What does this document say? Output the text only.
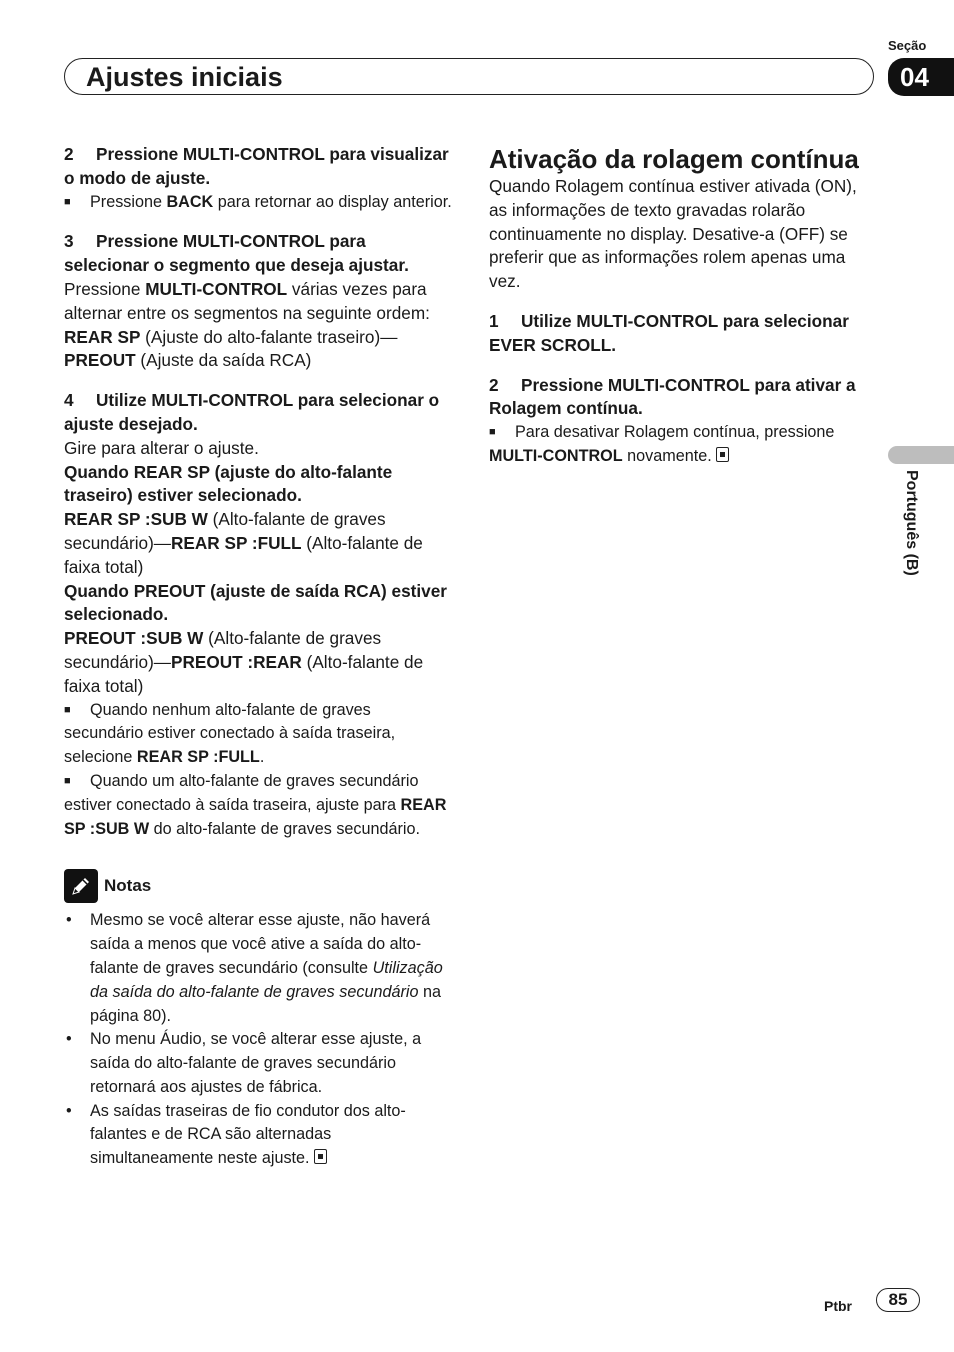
Seção
Ajustes iniciais	04
Português (B)

2 Pressione MULTI-CONTROL para visualizar o modo de ajuste.

■ Pressione BACK para retornar ao display anterior.

3 Pressione MULTI-CONTROL para selecionar o segmento que deseja ajustar.

Pressione MULTI-CONTROL várias vezes para alternar entre os segmentos na seguinte ordem:

REAR SP (Ajuste do alto-falante traseiro)—

PREOUT (Ajuste da saída RCA)

4 Utilize MULTI-CONTROL para selecionar o ajuste desejado.

Gire para alterar o ajuste.

Quando REAR SP (ajuste do alto-falante traseiro) estiver selecionado.

REAR SP :SUB W (Alto-falante de graves secundário)—REAR SP :FULL (Alto-falante de faixa total)

Quando PREOUT (ajuste de saída RCA) estiver selecionado.

PREOUT :SUB W (Alto-falante de graves secundário)—PREOUT :REAR (Alto-falante de faixa total)

■ Quando nenhum alto-falante de graves secundário estiver conectado à saída traseira, selecione REAR SP :FULL.

■ Quando um alto-falante de graves secundário estiver conectado à saída traseira, ajuste para REAR SP :SUB W do alto-falante de graves secundário.

Notas
• Mesmo se você alterar esse ajuste, não haverá saída a menos que você ative a saída do alto-falante de graves secundário (consulte Utilização da saída do alto-falante de graves secundário na página 80).
• No menu Áudio, se você alterar esse ajuste, a saída do alto-falante de graves secundário retornará aos ajustes de fábrica.
• As saídas traseiras de fio condutor dos alto-falantes e de RCA são alternadas simultaneamente neste ajuste.

Ativação da rolagem contínua

Quando Rolagem contínua estiver ativada (ON), as informações de texto gravadas rolarão continuamente no display. Desative-a (OFF) se preferir que as informações rolem apenas uma vez.

1 Utilize MULTI-CONTROL para selecionar EVER SCROLL.

2 Pressione MULTI-CONTROL para ativar a Rolagem contínua.

■ Para desativar Rolagem contínua, pressione MULTI-CONTROL novamente.

Ptbr	85
